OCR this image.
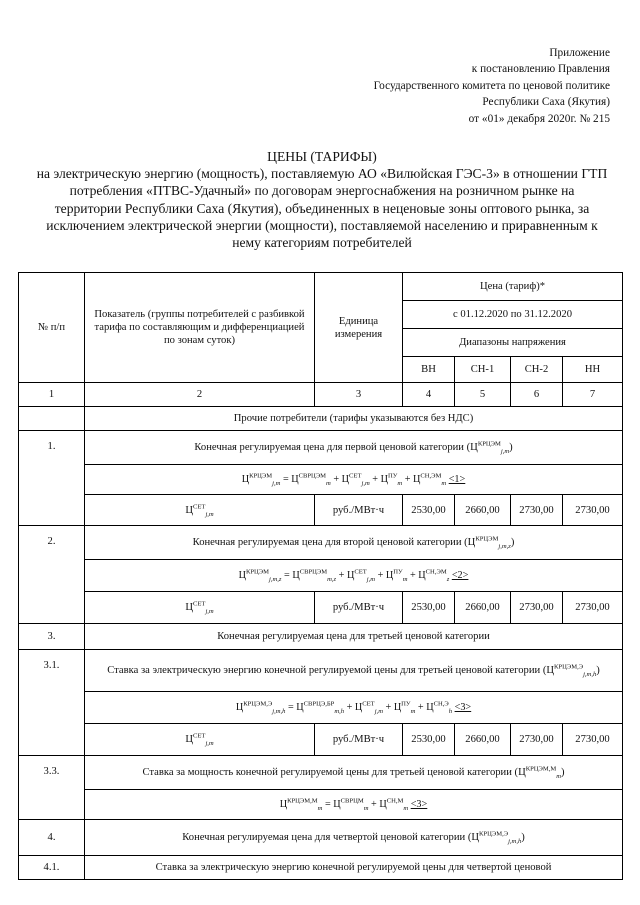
Приложение
к постановлению Правления
Государственного комитета по ценовой политике
Республики Саха (Якутия)
от «01» декабря 2020г. № 215
ЦЕНЫ (ТАРИФЫ)
на электрическую энергию (мощность), поставляемую АО «Вилюйская ГЭС-3» в отношении ГТП потребления «ПТВС-Удачный» по договорам энергоснабжения на розничном рынке на территории Республики Саха (Якутия), объединенных в неценовые зоны оптового рынка, за исключением электрической энергии (мощности), поставляемой населению и приравненным к нему категориям потребителей
№ п/п	Показатель (группы потребителей с разбивкой тарифа по составляющим и дифференциацией по зонам суток)	Единица измерения	Цена (тариф)*			
			с 01.12.2020 по 31.12.2020			
			Диапазоны напряжения			
			ВН	СН-1	СН-2	НН
1	2	3	4	5	6	7
	Прочие потребители (тарифы указываются без НДС)					
1.	Конечная регулируемая цена для первой ценовой категории $(Ц^{КРЦЭМ}_{j,m})$					
	$Ц^{КРЦЭМ}_{j,m} = Ц^{СВРЦЭМ}_m + Ц^{СЕТ}_{j,m} + Ц^{ПУ}_m + Ц^{СН,ЭМ}_m <1>$					
	$Ц^{СЕТ}_{j,m}$	руб./МВт·ч	2530,00	2660,00	2730,00	2730,00
2.	Конечная регулируемая цена для второй ценовой категории $(Ц^{КРЦЭМ}_{j,m,z})$					
	$Ц^{КРЦЭМ}_{j,m,z} = Ц^{СВРЦЭМ}_{m,z} + Ц^{СЕТ}_{j,m} + Ц^{ПУ}_m + Ц^{СН,ЭМ}_z <2>$					
	$Ц^{СЕТ}_{j,m}$	руб./МВт·ч	2530,00	2660,00	2730,00	2730,00
3.	Конечная регулируемая цена для третьей ценовой категории					
3.1.	Ставка за электрическую энергию конечной регулируемой цены для третьей ценовой категории $(Ц^{КРЦЭМ,Э}_{j,m,h})$					
	$Ц^{КРЦЭМ,Э}_{j,m,h} = Ц^{СВРЦЭ,БР}_{m,h} + Ц^{СЕТ}_{j,m} + Ц^{ПУ}_m + Ц^{СН,Э}_h <3>$					
	$Ц^{СЕТ}_{j,m}$	руб./МВт·ч	2530,00	2660,00	2730,00	2730,00
3.3.	Ставка за мощность конечной регулируемой цены для третьей ценовой категории $(Ц^{КРЦЭМ,М}_m)$					
	$Ц^{КРЦЭМ,М}_m = Ц^{СВРЦМ}_m + Ц^{СН,М}_m <3>$					
4.	Конечная регулируемая цена для четвертой ценовой категории $(Ц^{КРЦЭМ,Э}_{j,m,h})$					
4.1.	Ставка за электрическую энергию конечной регулируемой цены для четвертой ценовой					
